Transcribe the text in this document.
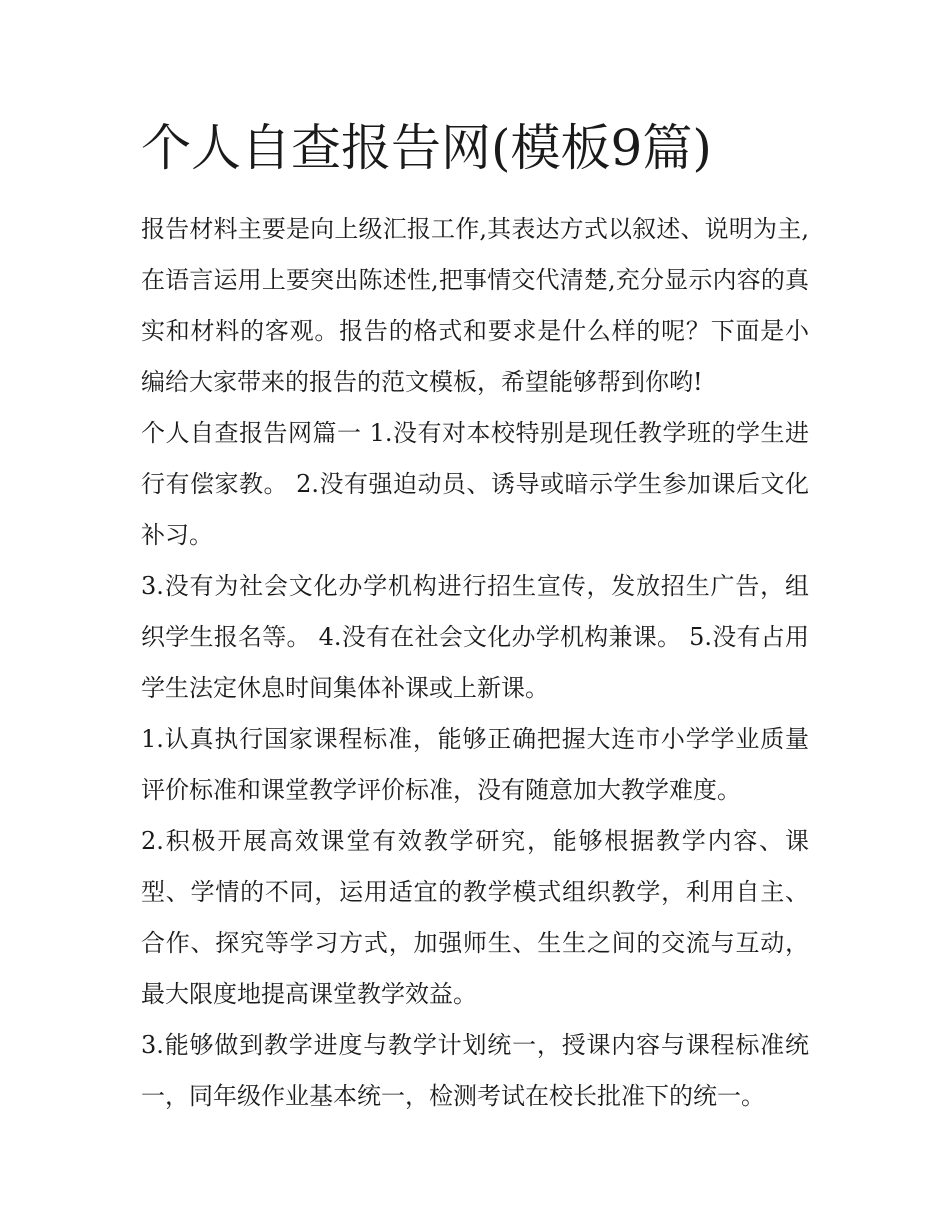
个人自查报告网(模板9篇)

报告材料主要是向上级汇报工作,其表达方式以叙述、说明为主,在语言运用上要突出陈述性,把事情交代清楚,充分显示内容的真实和材料的客观。报告的格式和要求是什么样的呢？下面是小编给大家带来的报告的范文模板，希望能够帮到你哟!

个人自查报告网篇一 1.没有对本校特别是现任教学班的学生进行有偿家教。 2.没有强迫动员、诱导或暗示学生参加课后文化补习。

3.没有为社会文化办学机构进行招生宣传，发放招生广告，组织学生报名等。 4.没有在社会文化办学机构兼课。 5.没有占用学生法定休息时间集体补课或上新课。

1.认真执行国家课程标准，能够正确把握大连市小学学业质量评价标准和课堂教学评价标准，没有随意加大教学难度。

2.积极开展高效课堂有效教学研究，能够根据教学内容、课型、学情的不同，运用适宜的教学模式组织教学，利用自主、合作、探究等学习方式，加强师生、生生之间的交流与互动，最大限度地提高课堂教学效益。

3.能够做到教学进度与教学计划统一，授课内容与课程标准统一，同年级作业基本统一，检测考试在校长批准下的统一。
